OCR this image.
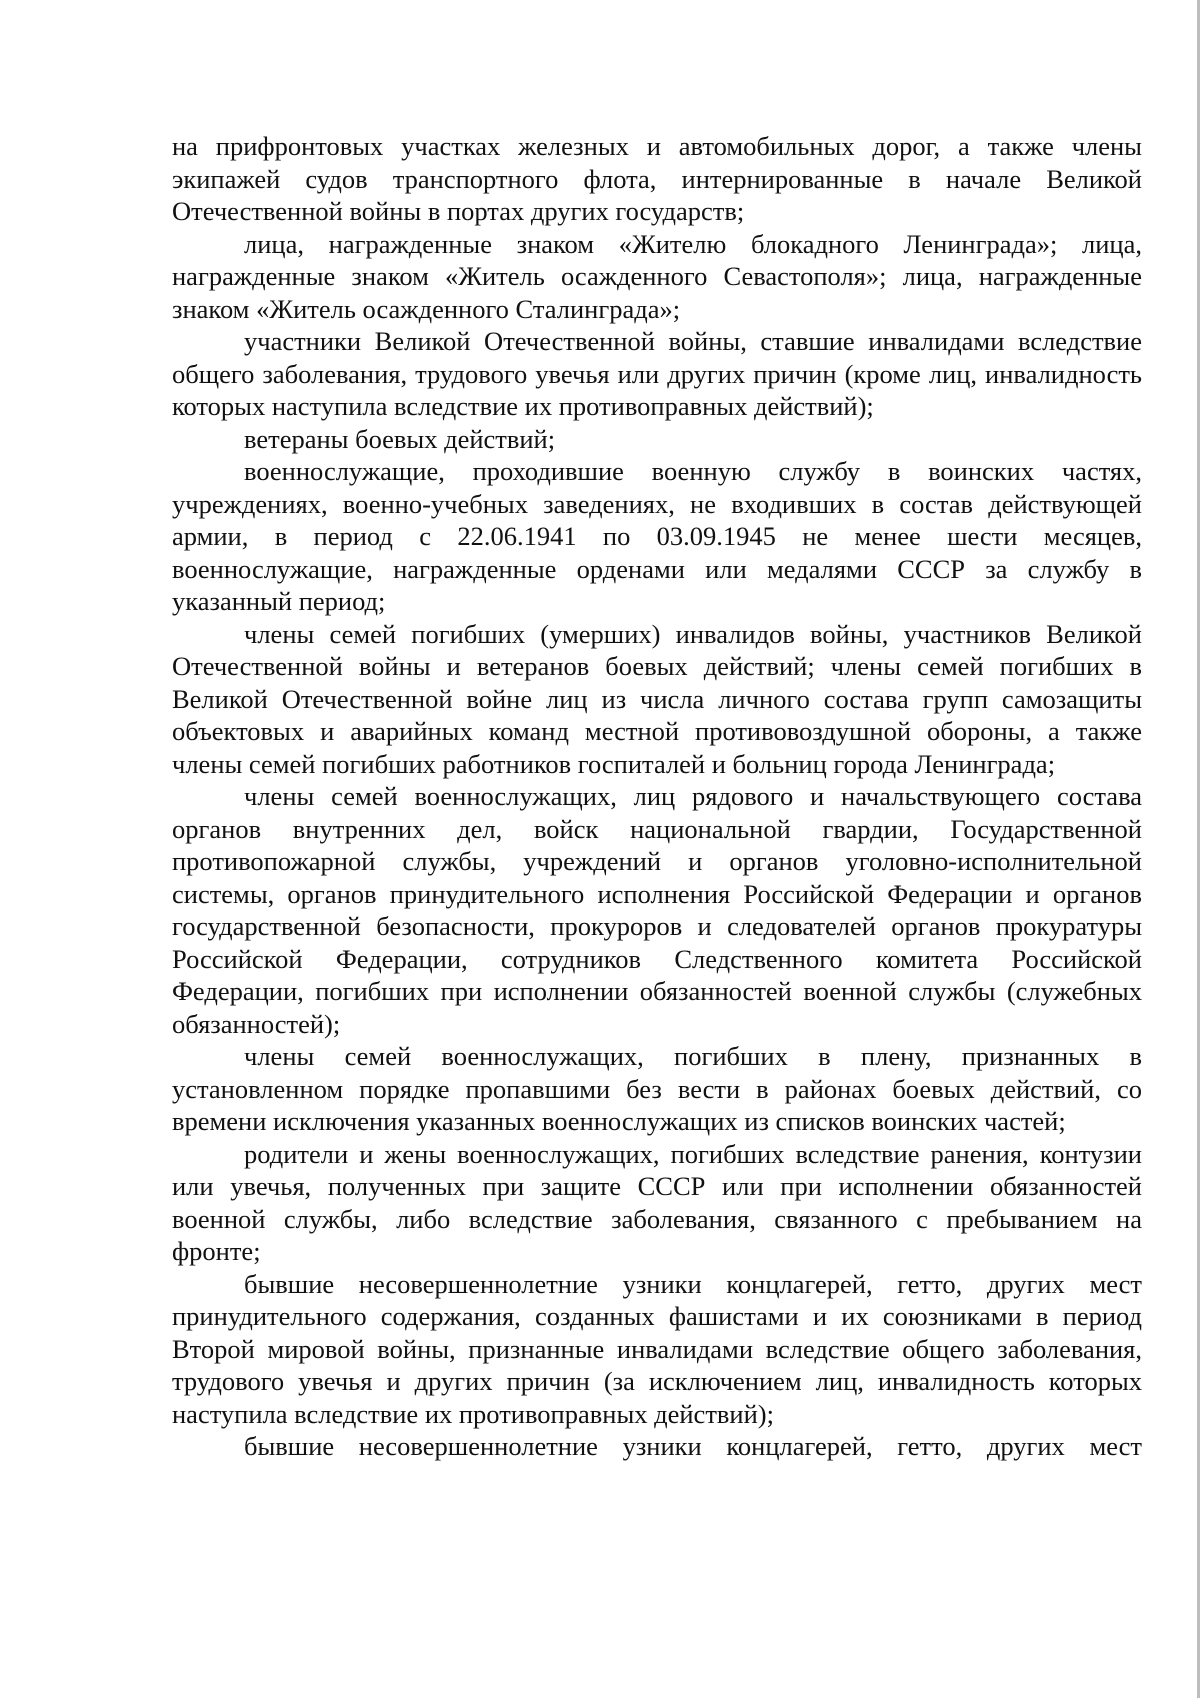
на прифронтовых участках железных и автомобильных дорог, а также члены экипажей судов транспортного флота, интернированные в начале Великой Отечественной войны в портах других государств;

лица, награжденные знаком «Жителю блокадного Ленинграда»; лица, награжденные знаком «Житель осажденного Севастополя»; лица, награжденные знаком «Житель осажденного Сталинграда»;

участники Великой Отечественной войны, ставшие инвалидами вследствие общего заболевания, трудового увечья или других причин (кроме лиц, инвалидность которых наступила вследствие их противоправных действий);

ветераны боевых действий;

военнослужащие, проходившие военную службу в воинских частях, учреждениях, военно-учебных заведениях, не входивших в состав действующей армии, в период с 22.06.1941 по 03.09.1945 не менее шести месяцев, военнослужащие, награжденные орденами или медалями СССР за службу в указанный период;

члены семей погибших (умерших) инвалидов войны, участников Великой Отечественной войны и ветеранов боевых действий; члены семей погибших в Великой Отечественной войне лиц из числа личного состава групп самозащиты объектовых и аварийных команд местной противовоздушной обороны, а также члены семей погибших работников госпиталей и больниц города Ленинграда;

члены семей военнослужащих, лиц рядового и начальствующего состава органов внутренних дел, войск национальной гвардии, Государственной противопожарной службы, учреждений и органов уголовно-исполнительной системы, органов принудительного исполнения Российской Федерации и органов государственной безопасности, прокуроров и следователей органов прокуратуры Российской Федерации, сотрудников Следственного комитета Российской Федерации, погибших при исполнении обязанностей военной службы (служебных обязанностей);

члены семей военнослужащих, погибших в плену, признанных в установленном порядке пропавшими без вести в районах боевых действий, со времени исключения указанных военнослужащих из списков воинских частей;

родители и жены военнослужащих, погибших вследствие ранения, контузии или увечья, полученных при защите СССР или при исполнении обязанностей военной службы, либо вследствие заболевания, связанного с пребыванием на фронте;

бывшие несовершеннолетние узники концлагерей, гетто, других мест принудительного содержания, созданных фашистами и их союзниками в период Второй мировой войны, признанные инвалидами вследствие общего заболевания, трудового увечья и других причин (за исключением лиц, инвалидность которых наступила вследствие их противоправных действий);

бывшие несовершеннолетние узники концлагерей, гетто, других мест
